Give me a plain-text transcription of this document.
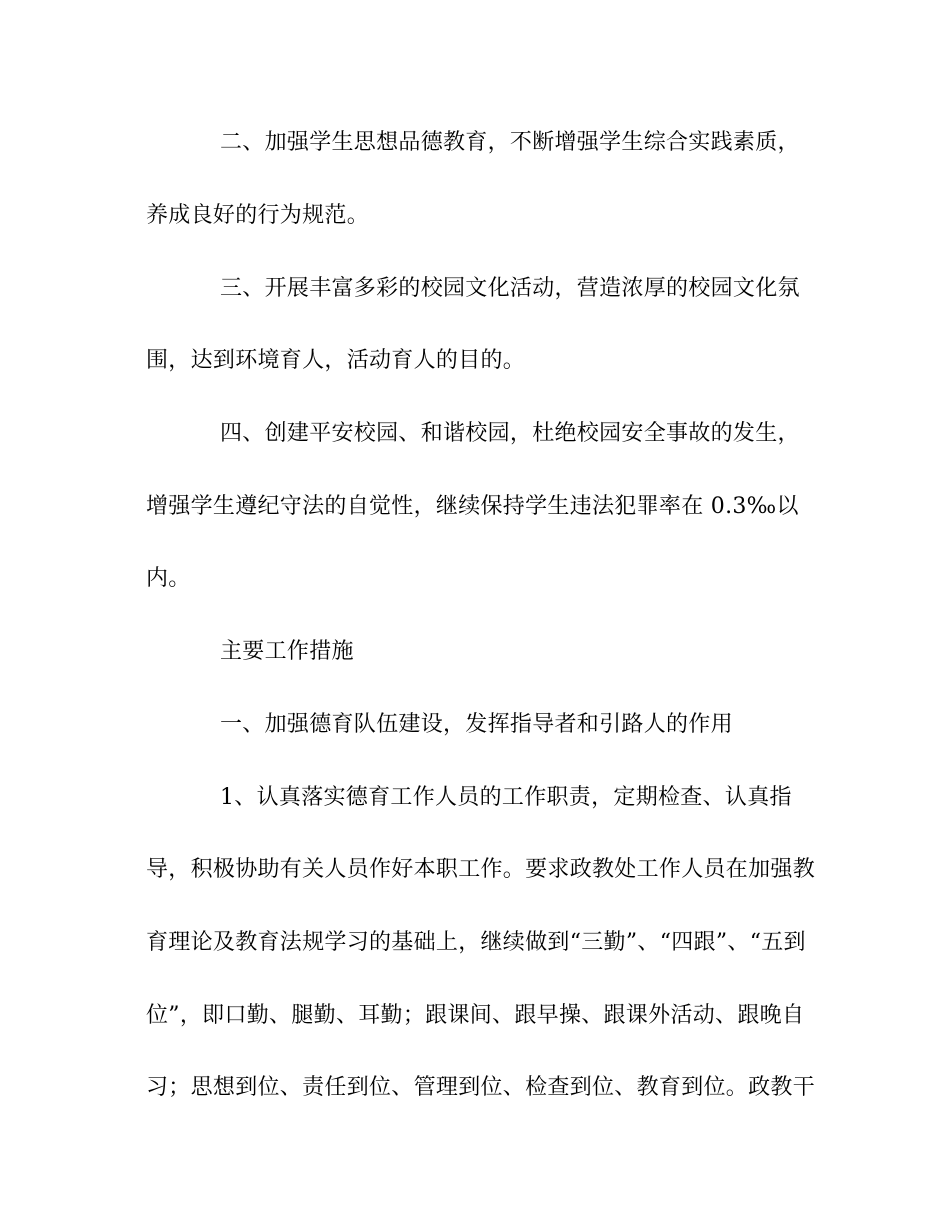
二、加强学生思想品德教育，不断增强学生综合实践素质，
养成良好的行为规范。
三、开展丰富多彩的校园文化活动，营造浓厚的校园文化氛
围，达到环境育人，活动育人的目的。
四、创建平安校园、和谐校园，杜绝校园安全事故的发生，
增强学生遵纪守法的自觉性，继续保持学生违法犯罪率在 0.3‰以
内。
主要工作措施
一、加强德育队伍建设，发挥指导者和引路人的作用
1、认真落实德育工作人员的工作职责，定期检查、认真指
导，积极协助有关人员作好本职工作。要求政教处工作人员在加强教
育理论及教育法规学习的基础上，继续做到“三勤”、“四跟”、“五到
位”，即口勤、腿勤、耳勤；跟课间、跟早操、跟课外活动、跟晚自
习；思想到位、责任到位、管理到位、检查到位、教育到位。政教干
